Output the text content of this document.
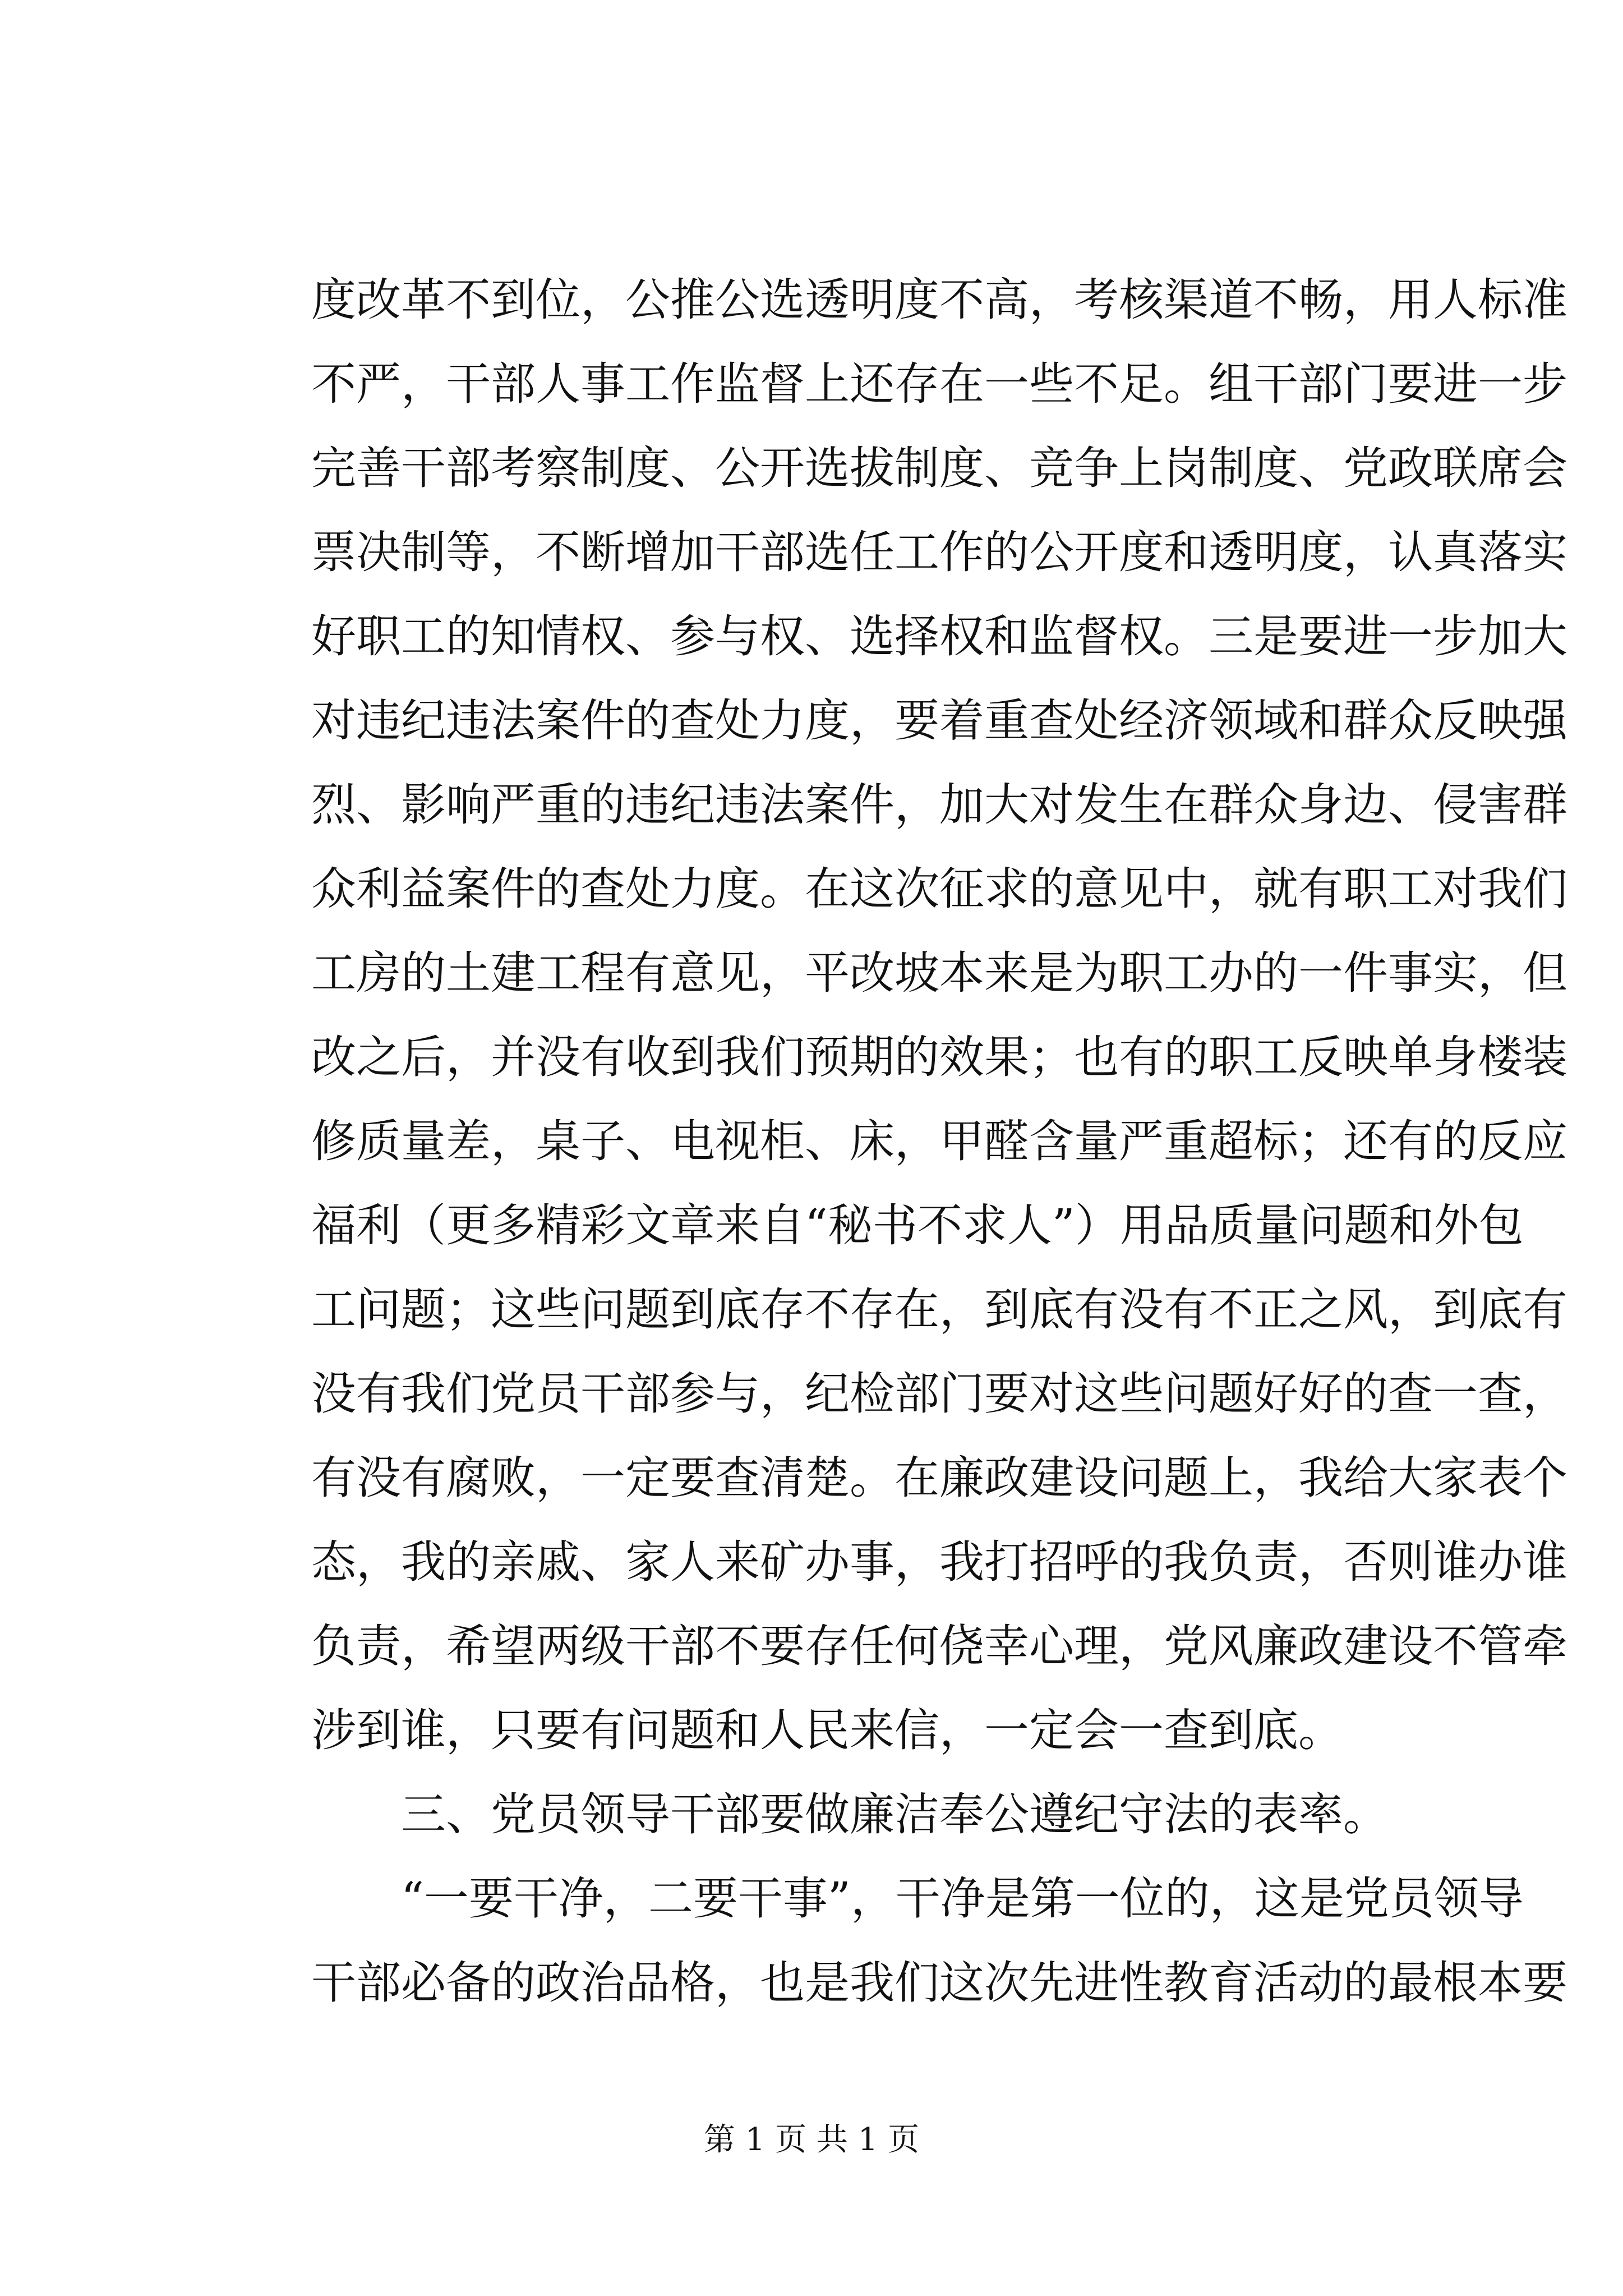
度改革不到位，公推公选透明度不高，考核渠道不畅，用人标准
不严，干部人事工作监督上还存在一些不足。组干部门要进一步
完善干部考察制度、公开选拔制度、竞争上岗制度、党政联席会
票决制等，不断增加干部选任工作的公开度和透明度，认真落实
好职工的知情权、参与权、选择权和监督权。三是要进一步加大
对违纪违法案件的查处力度，要着重查处经济领域和群众反映强
烈、影响严重的违纪违法案件，加大对发生在群众身边、侵害群
众利益案件的查处力度。在这次征求的意见中，就有职工对我们
工房的土建工程有意见，平改坡本来是为职工办的一件事实，但
改之后，并没有收到我们预期的效果；也有的职工反映单身楼装
修质量差，桌子、电视柜、床，甲醛含量严重超标；还有的反应
福利（更多精彩文章来自“秘书不求人”）用品质量问题和外包
工问题；这些问题到底存不存在，到底有没有不正之风，到底有
没有我们党员干部参与，纪检部门要对这些问题好好的查一查，
有没有腐败，一定要查清楚。在廉政建设问题上，我给大家表个
态，我的亲戚、家人来矿办事，我打招呼的我负责，否则谁办谁
负责，希望两级干部不要存任何侥幸心理，党风廉政建设不管牵
涉到谁，只要有问题和人民来信，一定会一查到底。
三、党员领导干部要做廉洁奉公遵纪守法的表率。
“一要干净，二要干事”，干净是第一位的，这是党员领导
干部必备的政治品格，也是我们这次先进性教育活动的最根本要
第 1 页 共 1 页
